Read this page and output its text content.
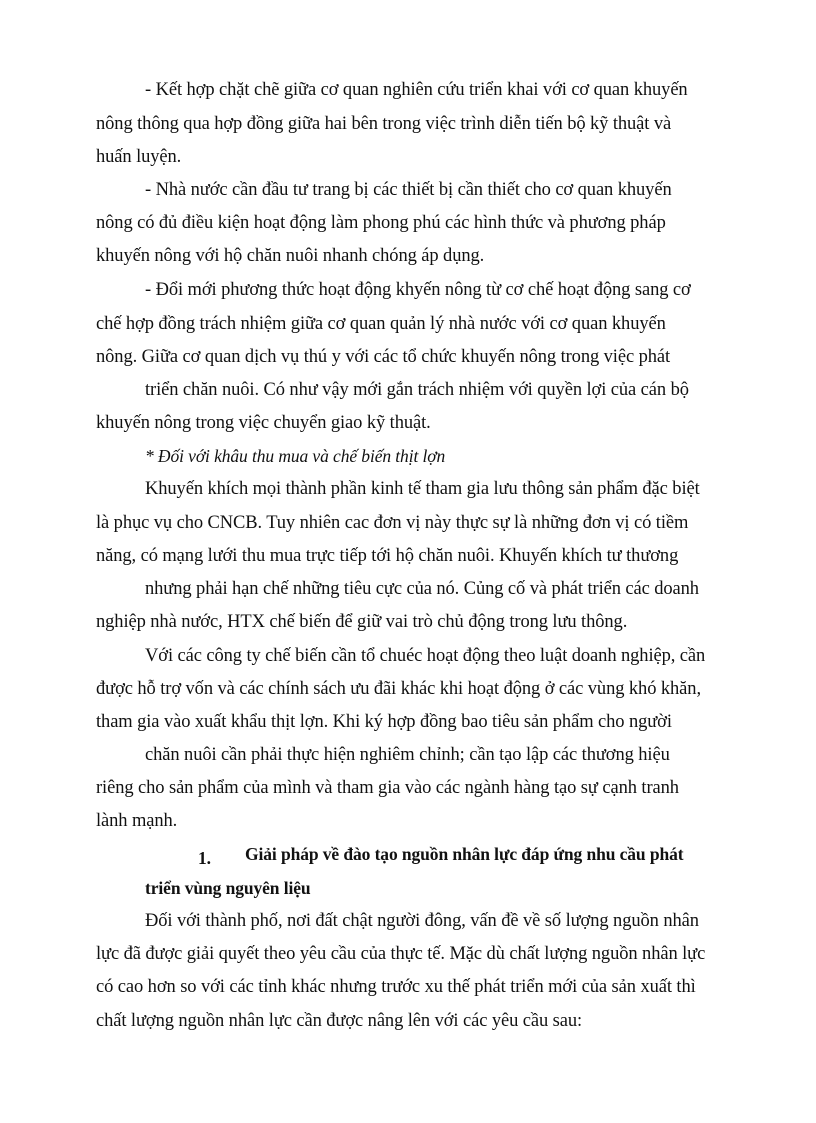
- Kết hợp chặt chẽ giữa cơ quan nghiên cứu triển khai với cơ quan khuyến
nông thông qua hợp đồng giữa hai bên trong việc trình diễn tiến bộ kỹ thuật và
huấn luyện.
- Nhà nước cần đầu tư trang bị các thiết bị cần thiết cho cơ quan khuyến
nông có đủ điều kiện hoạt động làm phong phú các hình thức và phương pháp
khuyến nông với hộ chăn nuôi nhanh chóng áp dụng.
- Đổi mới phương thức hoạt động khyến nông từ cơ chế hoạt động sang cơ
chế hợp đồng trách nhiệm giữa cơ quan quản lý nhà nước với cơ quan khuyến
nông. Giữa cơ quan dịch vụ thú y với các tổ chức khuyến nông trong việc phát
triển chăn nuôi. Có như vậy mới gắn trách nhiệm với quyền lợi của cán bộ
khuyến nông trong việc chuyển giao kỹ thuật.
* Đối với khâu thu mua và chế biến thịt lợn
Khuyến khích mọi thành phần kinh tế tham gia lưu thông sản phẩm đặc biệt
là phục vụ cho CNCB. Tuy nhiên cac đơn vị này thực sự là những đơn vị có tiềm
năng, có mạng lưới thu mua trực tiếp tới hộ chăn nuôi. Khuyến khích tư thương
nhưng phải hạn chế những tiêu cực của nó. Củng cố và phát triển các doanh
nghiệp nhà nước, HTX chế biến để giữ vai trò chủ động trong lưu thông.
Với các công ty chế biến cần tổ chuéc hoạt động theo luật doanh nghiệp, cần
được hỗ trợ vốn và các chính sách ưu đãi khác khi hoạt động ở các vùng khó khăn,
tham gia vào xuất khẩu thịt lợn. Khi ký hợp đồng bao tiêu sản phẩm cho người
chăn nuôi cần phải thực hiện nghiêm chỉnh; cần tạo lập các thương hiệu
riêng cho sản phẩm của mình và tham gia vào các ngành hàng tạo sự cạnh tranh
lành mạnh.
1. Giải pháp về đào tạo nguồn nhân lực đáp ứng nhu cầu phát
triển vùng nguyên liệu
Đối với thành phố, nơi đất chật người đông, vấn đề về số lượng nguồn nhân
lực đã được giải quyết theo yêu cầu của thực tế. Mặc dù chất lượng nguồn nhân lực
có cao hơn so với các tỉnh khác nhưng trước xu thế phát triển mới của sản xuất thì
chất lượng nguồn nhân lực cần được nâng lên với các yêu cầu sau:
